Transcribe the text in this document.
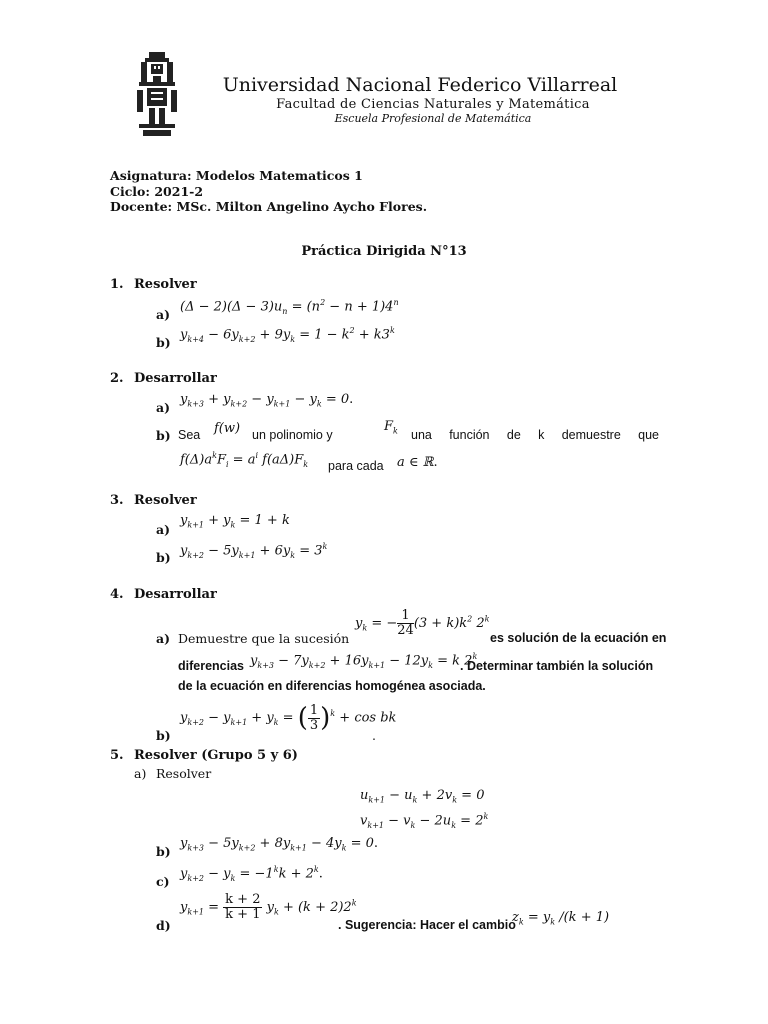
Universidad Nacional Federico Villarreal
Facultad de Ciencias Naturales y Matemática
Escuela Profesional de Matemática
Asignatura: Modelos Matematicos 1
Ciclo: 2021-2
Docente: MSc. Milton Angelino Aycho Flores.
Práctica Dirigida N°13
1. Resolver
a)
$(\Delta - 2)(\Delta - 3)u_n = (n^2 - n + 1)4^n$
b)
$y_{k+4} - 6y_{k+2} + 9y_k = 1 - k^2 + k3^k$
2. Desarrollar
a)
$y_{k+3} + y_{k+2} - y_{k+1} - y_k = 0$.
b) Sea f(w) un polinomio y
$F_k$ una función de k demuestre que
$f(\Delta)a^kF_i = a^i$ $f(a\Delta)F_k$ para cada a ∈ ℝ.
3. Resolver
a)
$y_{k+1} + y_k = 1 + k$
b) $y_{k+2} - 5y_{k+1} + 6y_k = 3^k$
4. Desarrollar
$y_k$ = − $\frac{1}{24} (3 + k)k^2$ 2$^k$
a) Demuestre que la sucesión	es solución de la ecuación en
diferencias $y_{k+3} - 7y_{k+2} + 16y_{k+1} - 12y_k = k$ 2$^k$
. Determinar también la solución
de la ecuación en diferencias homogénea asociada.
b)
$y_{k+2} - y_{k+1} + y_k$ = ( $\frac{1}{3} )^k + \cos$ bk
.
5. Resolver (Grupo 5 y 6)
a) Resolver
$u_{k+1} - u_k + 2v_k = 0$
$v_{k+1} - v_k - 2u_k = 2^k$
b)
$y_{k+3} - 5y_{k+2} + 8y_{k+1} - 4y_k = 0$.
c)
$y_{k+2} - y_k = -1^kk + 2^k$.
d)
$y_{k+1} = \frac{k + 2}{k + 1} y_k + (k + 2)2^k$
. Sugerencia: Hacer el cambio
$z_k = y_k$ /(k + 1)
